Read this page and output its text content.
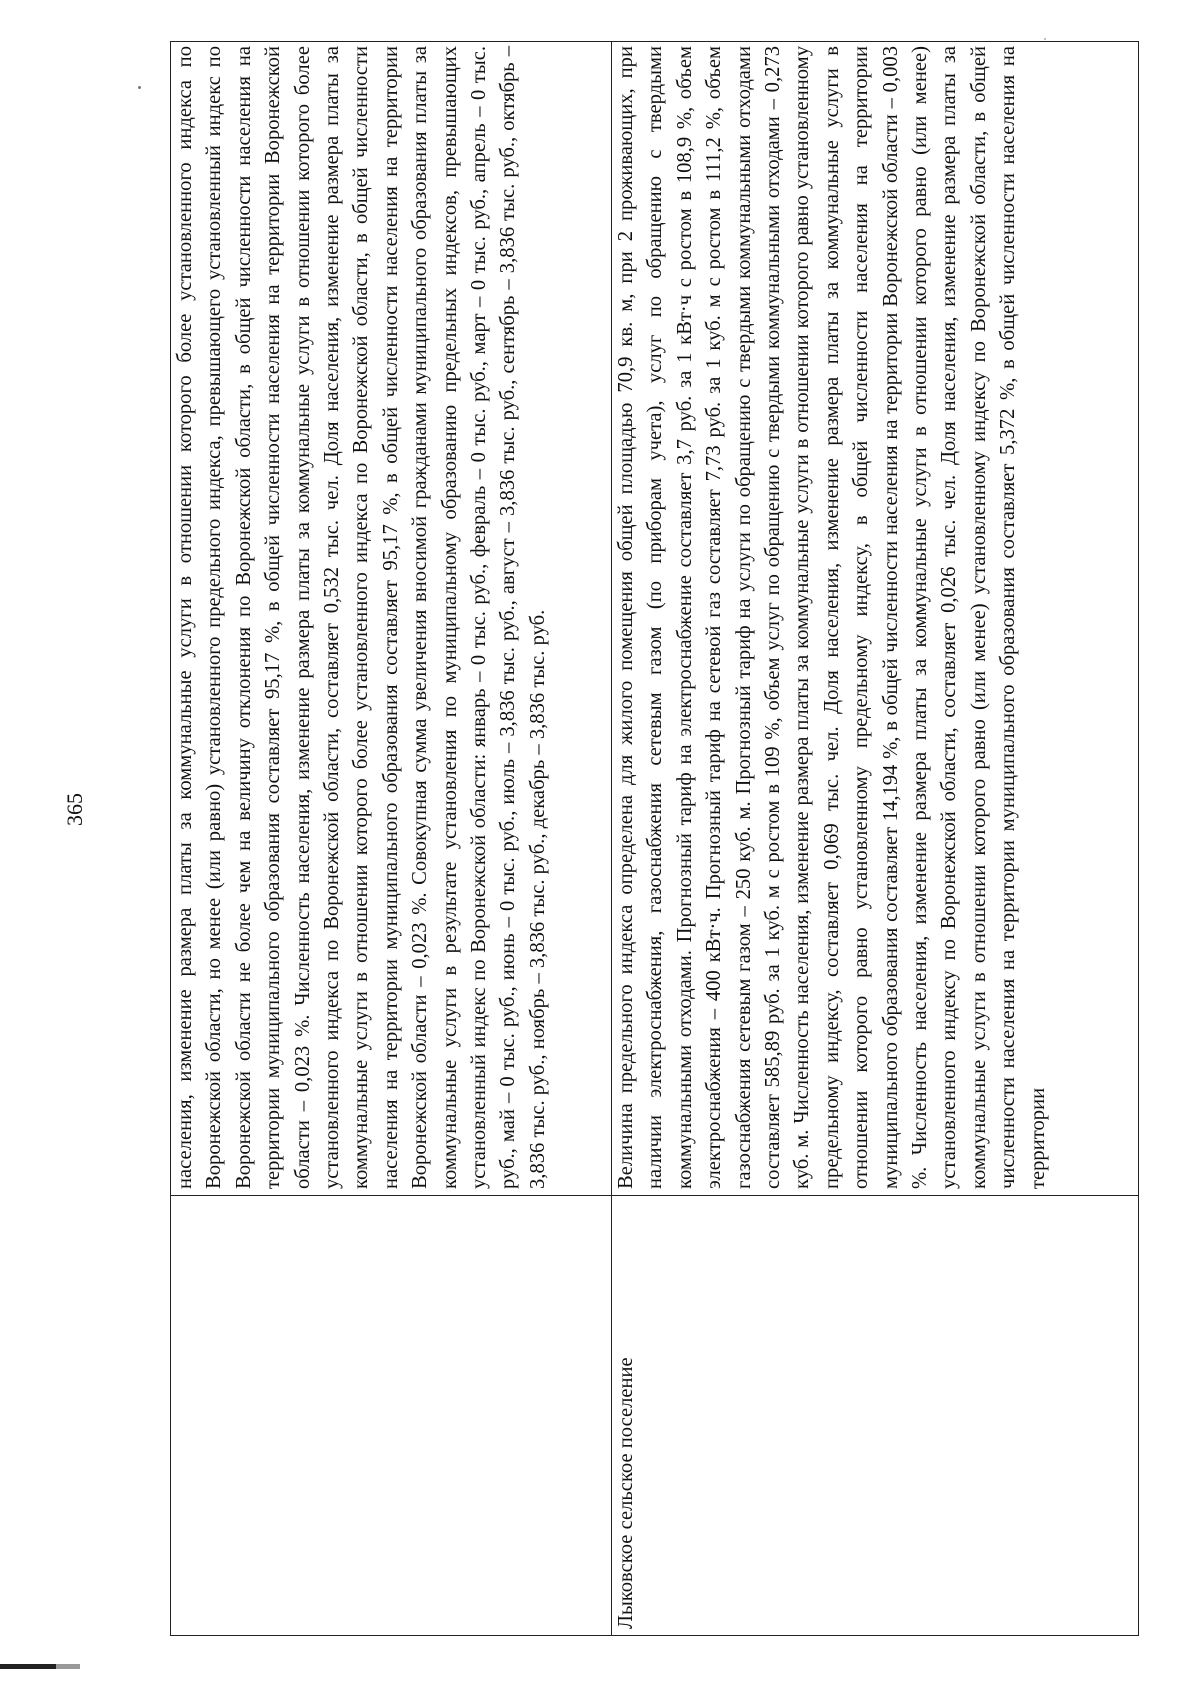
365

	населения, изменение размера платы за коммунальные услуги в отношении которого более установленного индекса по Воронежской области, но менее (или равно) установленного предельного индекса, превышающего установленный индекс по Воронежской области не более чем на величину отклонения по Воронежской области, в общей численности населения на территории муниципального образования составляет 95,17 %, в общей численности населения на территории Воронежской области – 0,023 %. Численность населения, изменение размера платы за коммунальные услуги в отношении которого более установленного индекса по Воронежской области, составляет 0,532 тыс. чел. Доля населения, изменение размера платы за коммунальные услуги в отношении которого более установленного индекса по Воронежской области, в общей численности населения на территории муниципального образования составляет 95,17 %, в общей численности населения на территории Воронежской области – 0,023 %. Совокупная сумма увеличения вносимой гражданами муниципального образования платы за коммунальные услуги в результате установления по муниципальному образованию предельных индексов, превышающих установленный индекс по Воронежской области: январь – 0 тыс. руб., февраль – 0 тыс. руб., март – 0 тыс. руб., апрель – 0 тыс. руб., май – 0 тыс. руб., июнь – 0 тыс. руб., июль – 3,836 тыс. руб., август – 3,836 тыс. руб., сентябрь – 3,836 тыс. руб., октябрь – 3,836 тыс. руб., ноябрь – 3,836 тыс. руб., декабрь – 3,836 тыс. руб.

Лыковское сельское поселение	Величина предельного индекса определена для жилого помещения общей площадью 70,9 кв. м, при 2 проживающих, при наличии электроснабжения, газоснабжения сетевым газом (по приборам учета), услуг по обращению с твердыми коммунальными отходами. Прогнозный тариф на электроснабжение составляет 3,7 руб. за 1 кВт·ч с ростом в 108,9 %, объем электроснабжения – 400 кВт·ч. Прогнозный тариф на сетевой газ составляет 7,73 руб. за 1 куб. м с ростом в 111,2 %, объем газоснабжения сетевым газом – 250 куб. м. Прогнозный тариф на услуги по обращению с твердыми коммунальными отходами составляет 585,89 руб. за 1 куб. м с ростом в 109 %, объем услуг по обращению с твердыми коммунальными отходами – 0,273 куб. м. Численность населения, изменение размера платы за коммунальные услуги в отношении которого равно установленному предельному индексу, составляет 0,069 тыс. чел. Доля населения, изменение размера платы за коммунальные услуги в отношении которого равно установленному предельному индексу, в общей численности населения на территории муниципального образования составляет 14,194 %, в общей численности населения на территории Воронежской области – 0,003 %. Численность населения, изменение размера платы за коммунальные услуги в отношении которого равно (или менее) установленного индексу по Воронежской области, составляет 0,026 тыс. чел. Доля населения, изменение размера платы за коммунальные услуги в отношении которого равно (или менее) установленному индексу по Воронежской области, в общей численности населения на территории муниципального образования составляет 5,372 %, в общей численности населения на территории
